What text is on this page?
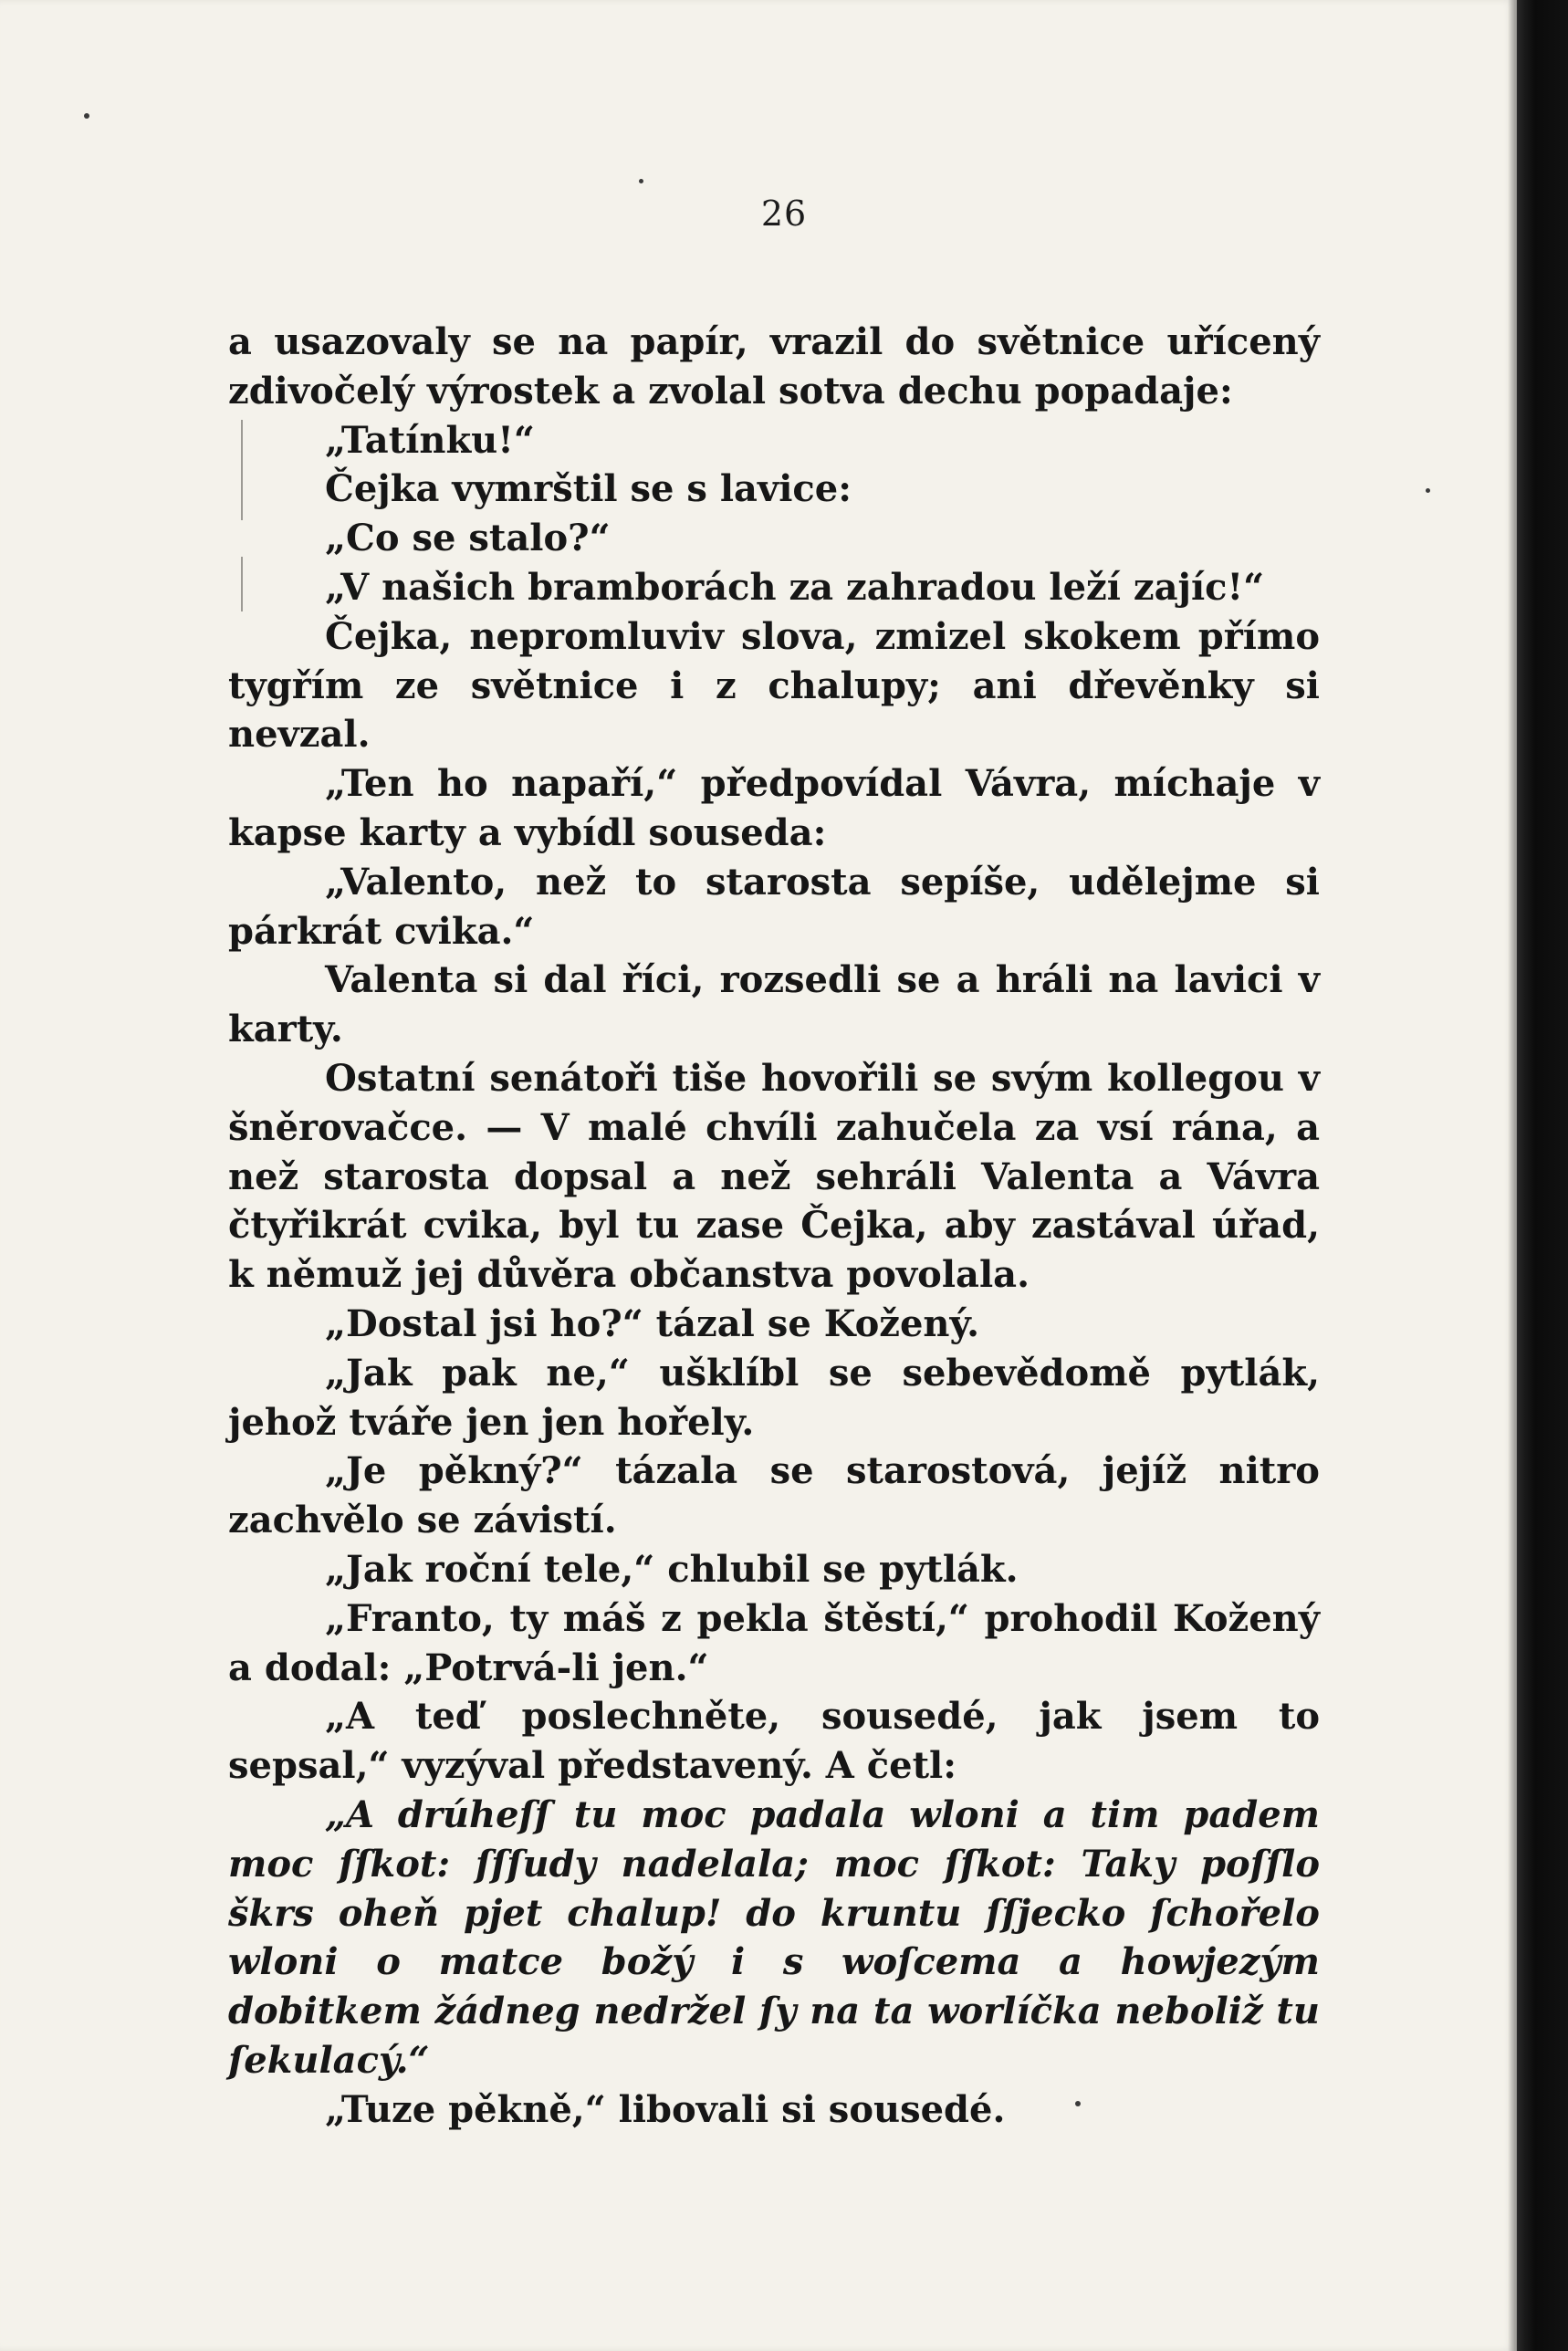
26

a usazovaly se na papír, vrazil do světnice uřícený zdivočelý výrostek a zvolal sotva dechu popadaje:

„Tatínku!“

Čejka vymrštil se s lavice:

„Co se stalo?“

„V našich bramborách za zahradou leží zajíc!“

Čejka, nepromluviv slova, zmizel skokem přímo tygřím ze světnice i z chalupy; ani dřevěnky si nevzal.

„Ten ho napaří,“ předpovídal Vávra, míchaje v kapse karty a vybídl souseda:

„Valento, než to starosta sepíše, udělejme si párkrát cvika.“

Valenta si dal říci, rozsedli se a hráli na lavici v karty.

Ostatní senátoři tiše hovořili se svým kollegou v šněrovačce. — V malé chvíli zahučela za vsí rána, a než starosta dopsal a než sehráli Valenta a Vávra čtyřikrát cvika, byl tu zase Čejka, aby zastával úřad, k němuž jej důvěra občanstva povolala.

„Dostal jsi ho?“ tázal se Kožený.

„Jak pak ne,“ ušklíbl se sebevědomě pytlák, jehož tváře jen jen hořely.

„Je pěkný?“ tázala se starostová, jejíž nitro zachvělo se závistí.

„Jak roční tele,“ chlubil se pytlák.

„Franto, ty máš z pekla štěstí,“ prohodil Kožený a dodal: „Potrvá-li jen.“

„A teď poslechněte, sousedé, jak jsem to sepsal,“ vyzýval představený. A četl:

„A drúheſſ tu moc padala wloni a tim padem moc ſſkot: ſſſudy nadelala; moc ſſkot: Taky poſſlo škrs oheň pjet chalup! do kruntu ſſjecko ſchořelo wloni o matce božý i s woſcema a howjezým dobitkem žádneg nedržel ſy na ta worlíčka neboliž tu ſekulacý.“

„Tuze pěkně,“ libovali si sousedé.
